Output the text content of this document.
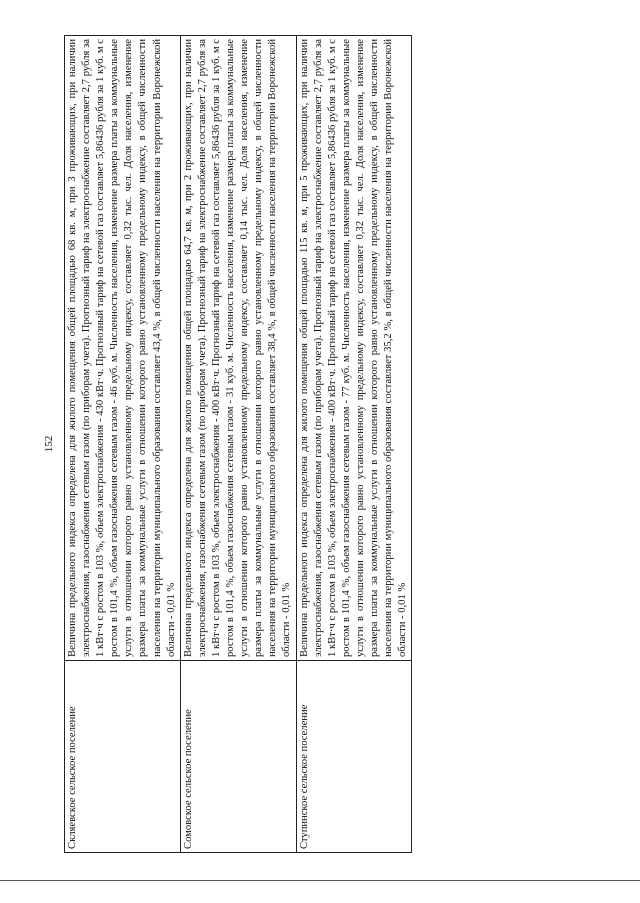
152
Скляевское сельское поселение	Величина предельного индекса определена для жилого помещения общей площадью 68 кв. м, при 3 проживающих, при наличии электроснабжения, газоснабжения сетевым газом (по приборам учета). Прогнозный тариф на электроснабжение составляет 2,7 рубля за 1 кВт·ч с ростом в 103 %, объем электроснабжения - 430 кВт·ч. Прогнозный тариф на сетевой газ составляет 5,86436 рубля за 1 куб. м с ростом в 101,4 %, объем газоснабжения сетевым газом - 46 куб. м. Численность населения, изменение размера платы за коммунальные услуги в отношении которого равно установленному предельному индексу, составляет 0,32 тыс. чел. Доля населения, изменение размера платы за коммунальные услуги в отношении которого равно установленному предельному индексу, в общей численности населения на территории муниципального образования составляет 43,4 %, в общей численности населения на территории Воронежской области - 0,01 %
Сомовское сельское поселение	Величина предельного индекса определена для жилого помещения общей площадью 64,7 кв. м, при 2 проживающих, при наличии электроснабжения, газоснабжения сетевым газом (по приборам учета). Прогнозный тариф на электроснабжение составляет 2,7 рубля за 1 кВт·ч с ростом в 103 %, объем электроснабжения - 400 кВт·ч. Прогнозный тариф на сетевой газ составляет 5,86436 рубля за 1 куб. м с ростом в 101,4 %, объем газоснабжения сетевым газом - 31 куб. м. Численность населения, изменение размера платы за коммунальные услуги в отношении которого равно установленному предельному индексу, составляет 0,14 тыс. чел. Доля населения, изменение размера платы за коммунальные услуги в отношении которого равно установленному предельному индексу, в общей численности населения на территории муниципального образования составляет 38,4 %, в общей численности населения на территории Воронежской области - 0,01 %
Ступинское сельское поселение	Величина предельного индекса определена для жилого помещения общей площадью 115 кв. м, при 5 проживающих, при наличии электроснабжения, газоснабжения сетевым газом (по приборам учета). Прогнозный тариф на электроснабжение составляет 2,7 рубля за 1 кВт·ч с ростом в 103 %, объем электроснабжения - 400 кВт·ч. Прогнозный тариф на сетевой газ составляет 5,86436 рубля за 1 куб. м с ростом в 101,4 %, объем газоснабжения сетевым газом - 77 куб. м. Численность населения, изменение размера платы за коммунальные услуги в отношении которого равно установленному предельному индексу, составляет 0,32 тыс. чел. Доля населения, изменение размера платы за коммунальные услуги в отношении которого равно установленному предельному индексу, в общей численности населения на территории муниципального образования составляет 35,2 %, в общей численности населения на территории Воронежской области - 0,01 %
